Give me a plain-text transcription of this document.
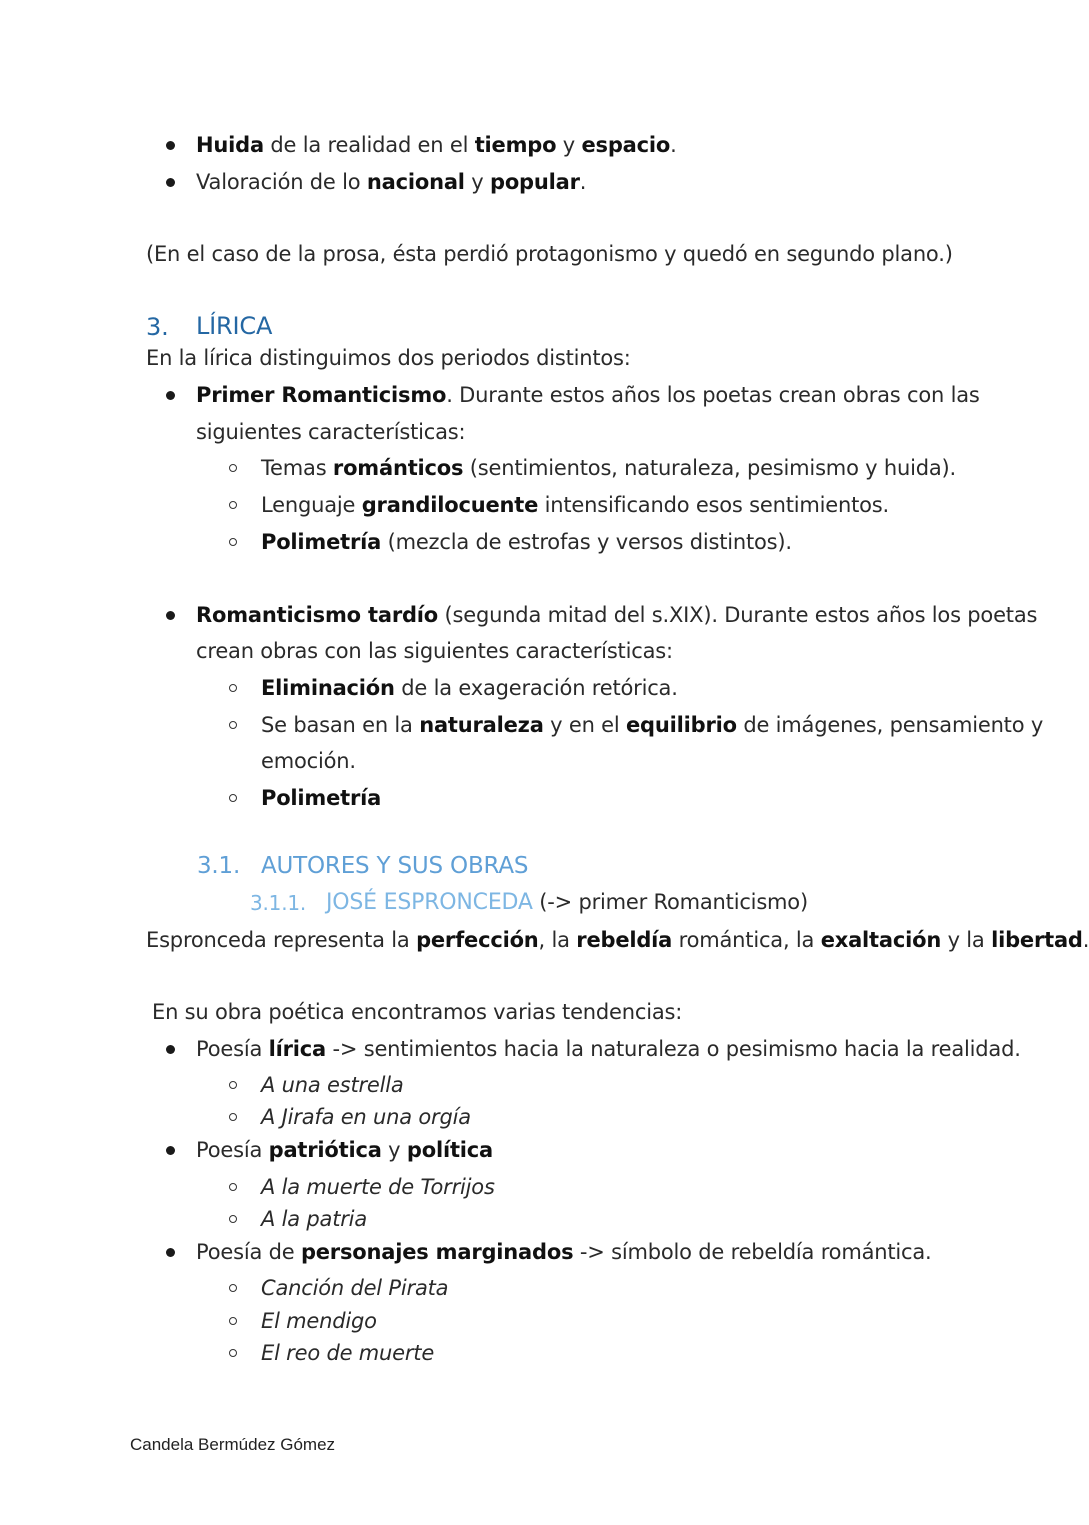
Huida de la realidad en el tiempo y espacio.
Valoración de lo nacional y popular.
(En el caso de la prosa, ésta perdió protagonismo y quedó en segundo plano.)
3. LÍRICA
En la lírica distinguimos dos periodos distintos:
Primer Romanticismo. Durante estos años los poetas crean obras con las
siguientes características:
Temas románticos (sentimientos, naturaleza, pesimismo y huida).
Lenguaje grandilocuente intensificando esos sentimientos.
Polimetría (mezcla de estrofas y versos distintos).
Romanticismo tardío (segunda mitad del s.XIX). Durante estos años los poetas
crean obras con las siguientes características:
Eliminación de la exageración retórica.
Se basan en la naturaleza y en el equilibrio de imágenes, pensamiento y
emoción.
Polimetría
3.1. AUTORES Y SUS OBRAS
3.1.1. JOSÉ ESPRONCEDA (-> primer Romanticismo)
Espronceda representa la perfección, la rebeldía romántica, la exaltación y la libertad.
En su obra poética encontramos varias tendencias:
Poesía lírica -> sentimientos hacia la naturaleza o pesimismo hacia la realidad.
A una estrella
A Jirafa en una orgía
Poesía patriótica y política
A la muerte de Torrijos
A la patria
Poesía de personajes marginados -> símbolo de rebeldía romántica.
Canción del Pirata
El mendigo
El reo de muerte
Candela Bermúdez Gómez
